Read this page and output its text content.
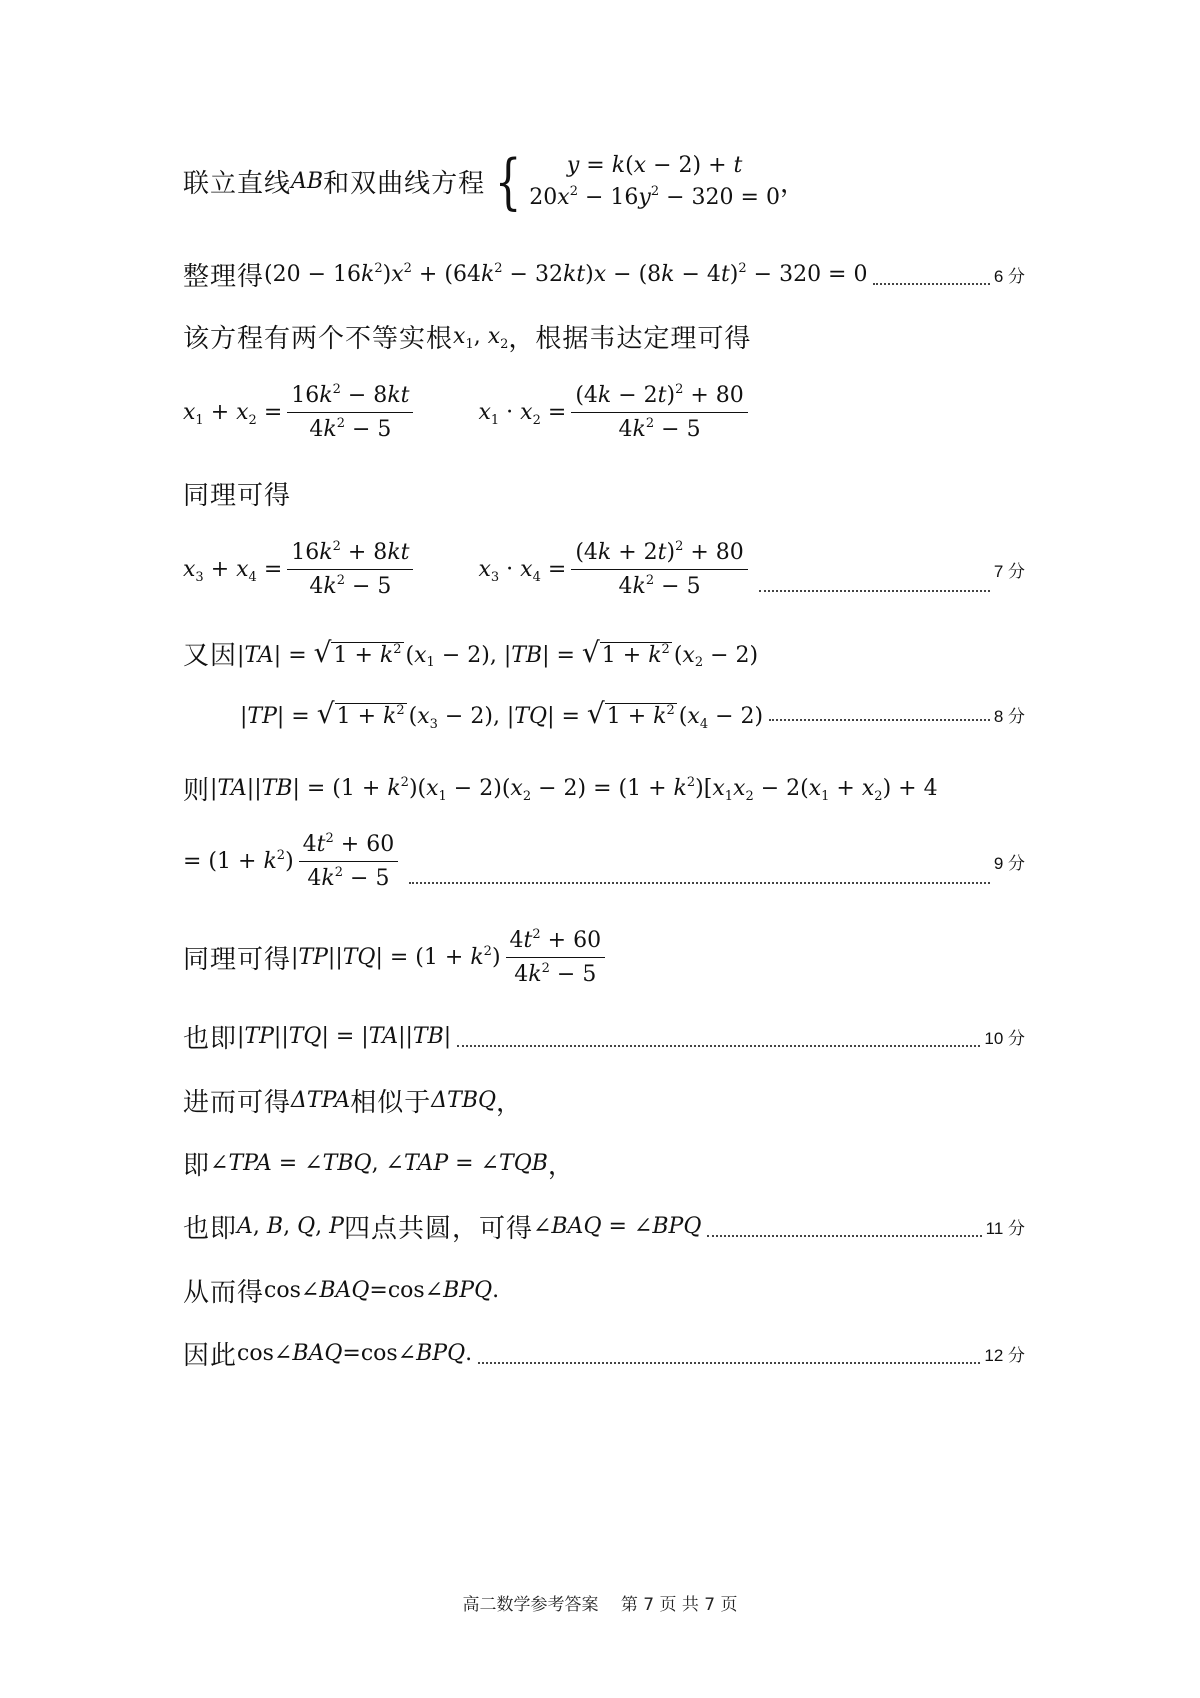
联立直线 AB 和双曲线方程 { y = k(x − 2) + t
$20x^2 - 16y^2 - 320 = 0$ ，
整理得 $(20 - 16k^2)x^2 + (64k^2 - 32kt)x - (8k - 4t)^2 - 320 = 0$	6 分
该方程有两个不等实根 $x_1$, $x_2$ ，根据韦达定理可得
$x_1 + x_2 = \frac{16k^2 - 8kt}{4k^2 - 5}$	$x_1 \cdot x_2 = \frac{(4k - 2t)^2 + 80}{4k^2 - 5}$
同理可得
$x_3 + x_4 = \frac{16k^2 + 8kt}{4k^2 - 5}$	$x_3 \cdot x_4 = \frac{(4k + 2t)^2 + 80}{4k^2 - 5}$	7 分
又因 |TA| = √ $1 + k^2$ $(x_1 - 2)$, |TB| = √ $1 + k^2$ $(x_2 - 2)$
|TP| = √ $1 + k^2$ $(x_3 - 2)$, |TQ| = √ $1 + k^2$ $(x_4 - 2)$	8 分
则 $|TA||TB| = (1 + k^2)(x_1 - 2)(x_2 - 2) = (1 + k^2)[x_1x_2 - 2(x_1 + x_2) + 4$
= $(1 + k^2) \frac{4t^2 + 60}{4k^2 - 5}$	9 分
同理可得 $|TP||TQ| = (1 + k^2) \frac{4t^2 + 60}{4k^2 - 5}$
也即 |TP||TQ| = |TA||TB|	10 分
进而可得 ΔTPA 相似于 ΔTBQ ，
即 ∠TPA = ∠TBQ, ∠TAP = ∠TQB ，
也即 A, B, Q, P 四点共圆，可得 ∠BAQ = ∠BPQ	11 分
从而得 cos∠BAQ=cos∠BPQ.
因此 cos∠BAQ=cos∠BPQ.	12 分
高二数学参考答案　 第 7 页 共 7 页
